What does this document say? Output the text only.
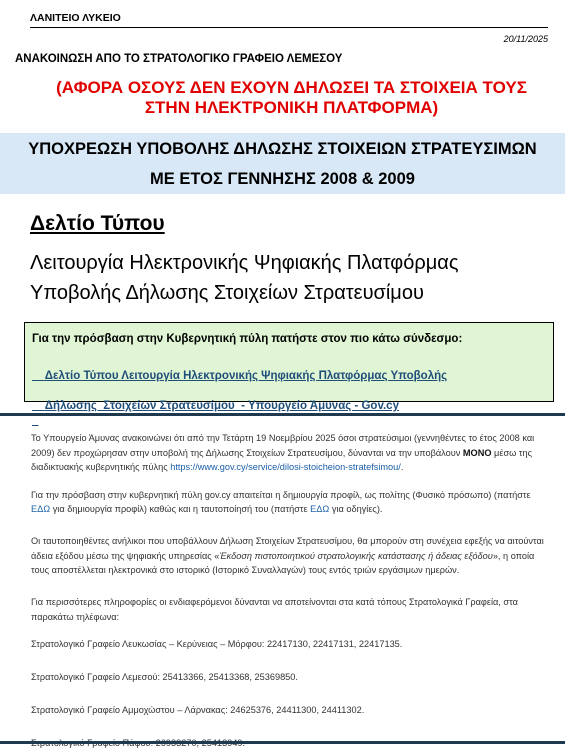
ΛΑΝΙΤΕΙΟ ΛΥΚΕΙΟ
20/11/2025
ΑΝΑΚΟΙΝΩΣΗ ΑΠΟ ΤΟ ΣΤΡΑΤΟΛΟΓΙΚΟ ΓΡΑΦΕΙΟ ΛΕΜΕΣΟΥ
(ΑΦΟΡΑ ΟΣΟΥΣ ΔΕΝ ΕΧΟΥΝ ΔΗΛΩΣΕΙ ΤΑ ΣΤΟΙΧΕΙΑ ΤΟΥΣ
ΣΤΗΝ ΗΛΕΚΤΡΟΝΙΚΗ ΠΛΑΤΦΟΡΜΑ)
ΥΠΟΧΡΕΩΣΗ ΥΠΟΒΟΛΗΣ ΔΗΛΩΣΗΣ ΣΤΟΙΧΕΙΩΝ ΣΤΡΑΤΕΥΣΙΜΩΝ
ΜΕ ΕΤΟΣ ΓΕΝΝΗΣΗΣ 2008 & 2009
Δελτίο Τύπου
Λειτουργία Ηλεκτρονικής Ψηφιακής Πλατφόρμας
Υποβολής Δήλωσης Στοιχείων Στρατευσίμου
Για την πρόσβαση στην Κυβερνητική πύλη πατήστε στον πιο κάτω σύνδεσμο:

Δελτίο Τύπου Λειτουργία Ηλεκτρονικής Ψηφιακής Πλατφόρμας Υποβολής

Δήλωσης  Στοιχείων Στρατευσίμου  - Υπουργείο Άμυνας - Gov.cy

Το Υπουργείο Άμυνας ανακοινώνει ότι από την Τετάρτη 19 Νοεμβρίου 2025 όσοι στρατεύσιμοι (γεννηθέντες το έτος 2008 και 2009) δεν προχώρησαν στην υποβολή της Δήλωσης Στοιχείων Στρατευσίμου, δύνανται να την υποβάλουν ΜΟΝΟ μέσω της διαδικτυακής κυβερνητικής πύλης https://www.gov.cy/service/dilosi-stoicheion-stratefsimou/.

Για την πρόσβαση στην κυβερνητική πύλη gov.cy απαιτείται η δημιουργία προφίλ, ως πολίτης (Φυσικό πρόσωπο) (πατήστε ΕΔΩ για δημιουργία προφίλ) καθώς και η ταυτοποίησή του (πατήστε ΕΔΩ για οδηγίες).

Οι ταυτοποιηθέντες ανήλικοι που υποβάλλουν Δήλωση Στοιχείων Στρατευσίμου, θα μπορούν στη συνέχεια εφεξής να αιτούνται άδεια εξόδου μέσω της ψηφιακής υπηρεσίας «Έκδοση πιστοποιητικού στρατολογικής κατάστασης ή άδειας εξόδου», η οποία τους αποστέλλεται ηλεκτρονικά στο ιστορικό (Ιστορικό Συναλλαγών) τους εντός τριών εργάσιμων ημερών.

Για περισσότερες πληροφορίες οι ενδιαφερόμενοι δύνανται να αποτείνονται στα κατά τόπους Στρατολογικά Γραφεία, στα παρακάτω τηλέφωνα:

Στρατολογικό Γραφείο Λευκωσίας – Κερύνειας – Μόρφου: 22417130, 22417131, 22417135.
Στρατολογικό Γραφείο Λεμεσού: 25413366, 25413368, 25369850.
Στρατολογικό Γραφείο Αμμοχώστου – Λάρνακας: 24625376, 24411300, 24411302.
